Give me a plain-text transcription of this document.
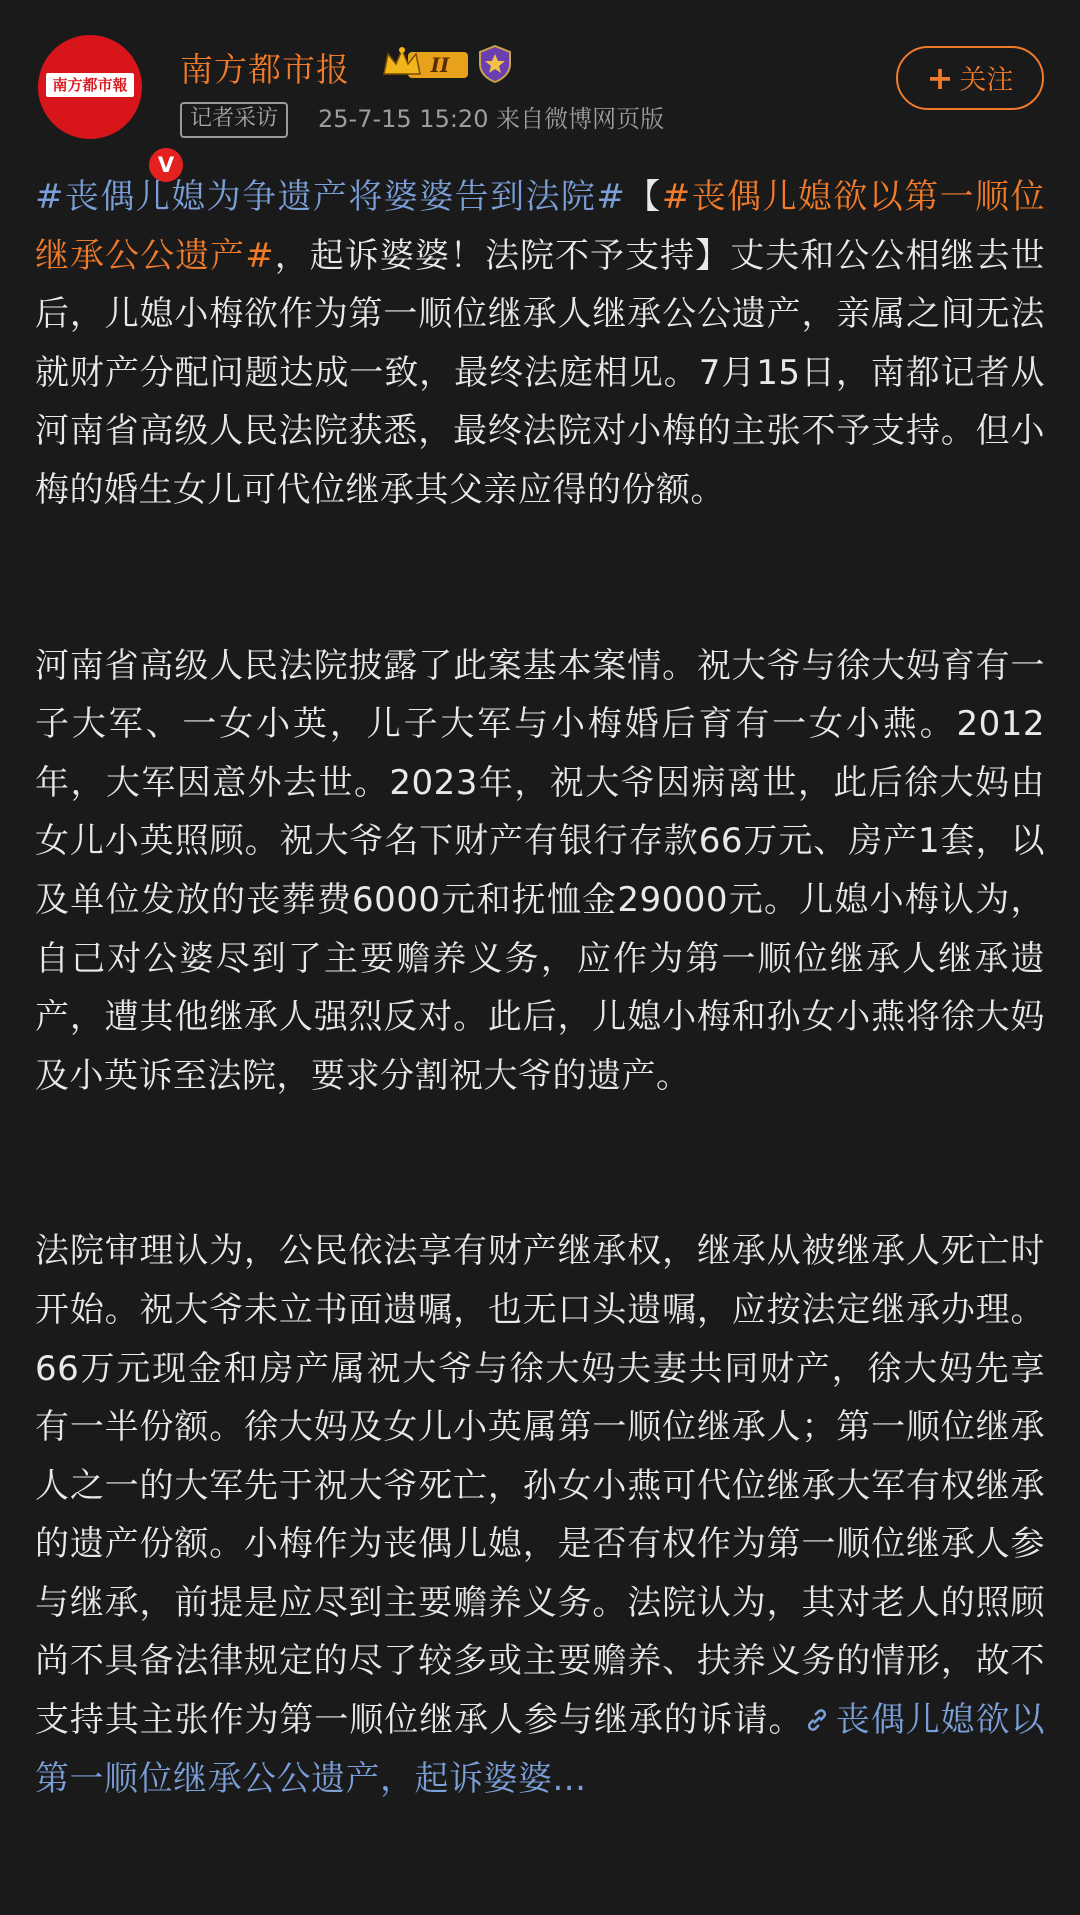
南方都市報
V
南方都市报	II
记者采访	25-7-15 15:20 来自微博网页版
+ 关注

#丧偶儿媳为争遗产将婆婆告到法院#【#丧偶儿媳欲以第一顺位继承公公遗产#，起诉婆婆！法院不予支持】丈夫和公公相继去世后，儿媳小梅欲作为第一顺位继承人继承公公遗产，亲属之间无法就财产分配问题达成一致，最终法庭相见。7月15日，南都记者从河南省高级人民法院获悉，最终法院对小梅的主张不予支持。但小梅的婚生女儿可代位继承其父亲应得的份额。

河南省高级人民法院披露了此案基本案情。祝大爷与徐大妈育有一子大军、一女小英，儿子大军与小梅婚后育有一女小燕。2012年，大军因意外去世。2023年，祝大爷因病离世，此后徐大妈由女儿小英照顾。祝大爷名下财产有银行存款66万元、房产1套，以及单位发放的丧葬费6000元和抚恤金29000元。儿媳小梅认为，自己对公婆尽到了主要赡养义务，应作为第一顺位继承人继承遗产，遭其他继承人强烈反对。此后，儿媳小梅和孙女小燕将徐大妈及小英诉至法院，要求分割祝大爷的遗产。

法院审理认为，公民依法享有财产继承权，继承从被继承人死亡时开始。祝大爷未立书面遗嘱，也无口头遗嘱，应按法定继承办理。66万元现金和房产属祝大爷与徐大妈夫妻共同财产，徐大妈先享有一半份额。徐大妈及女儿小英属第一顺位继承人；第一顺位继承人之一的大军先于祝大爷死亡，孙女小燕可代位继承大军有权继承的遗产份额。小梅作为丧偶儿媳，是否有权作为第一顺位继承人参与继承，前提是应尽到主要赡养义务。法院认为，其对老人的照顾尚不具备法律规定的尽了较多或主要赡养、扶养义务的情形，故不支持其主张作为第一顺位继承人参与继承的诉请。 丧偶儿媳欲以第一顺位继承公公遗产，起诉婆婆...
